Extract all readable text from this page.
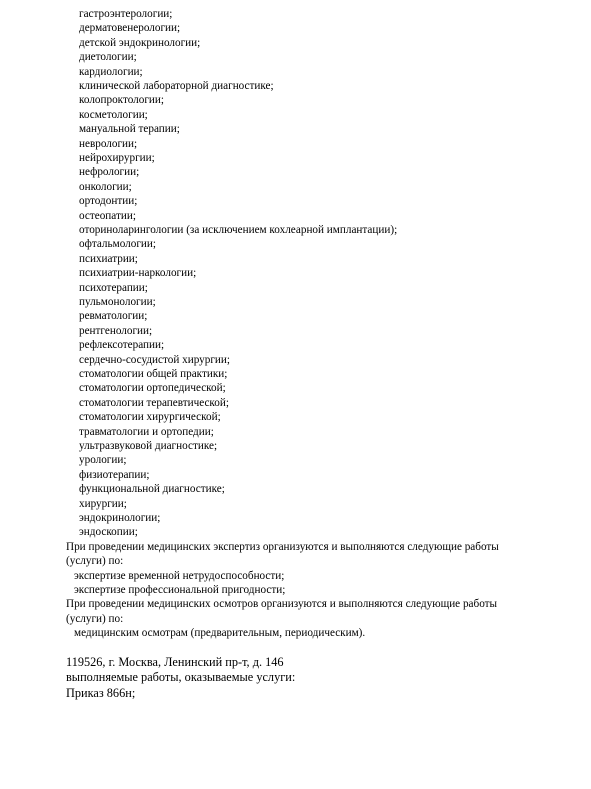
гастроэнтерологии;
дерматовенерологии;
детской эндокринологии;
диетологии;
кардиологии;
клинической лабораторной диагностике;
колопроктологии;
косметологии;
мануальной терапии;
неврологии;
нейрохирургии;
нефрологии;
онкологии;
ортодонтии;
остеопатии;
оториноларингологии (за исключением кохлеарной имплантации);
офтальмологии;
психиатрии;
психиатрии-наркологии;
психотерапии;
пульмонологии;
ревматологии;
рентгенологии;
рефлексотерапии;
сердечно-сосудистой хирургии;
стоматологии общей практики;
стоматологии ортопедической;
стоматологии терапевтической;
стоматологии хирургической;
травматологии и ортопедии;
ультразвуковой диагностике;
урологии;
физиотерапии;
функциональной диагностике;
хирургии;
эндокринологии;
эндоскопии;
При проведении медицинских экспертиз организуются и выполняются следующие работы
(услуги) по:
экспертизе временной нетрудоспособности;
экспертизе профессиональной пригодности;
При проведении медицинских осмотров организуются и выполняются следующие работы
(услуги) по:
медицинским осмотрам (предварительным, периодическим).
119526, г. Москва, Ленинский пр-т, д. 146
выполняемые работы, оказываемые услуги:
Приказ 866н;
